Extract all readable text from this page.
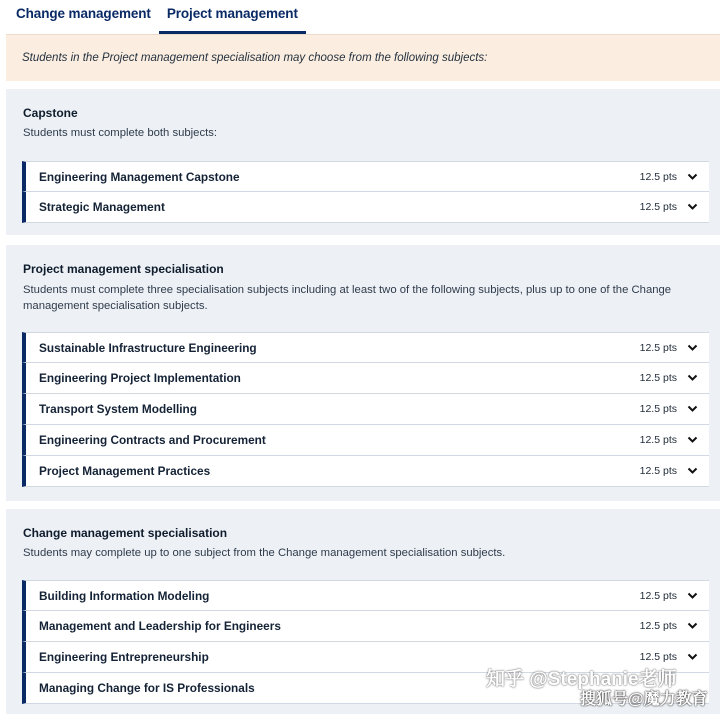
Change management	Project management
Students in the Project management specialisation may choose from the following subjects:
Capstone
Students must complete both subjects:
Engineering Management Capstone	12.5 pts
Strategic Management	12.5 pts
Project management specialisation
Students must complete three specialisation subjects including at least two of the following subjects, plus up to one of the Change management specialisation subjects.
Sustainable Infrastructure Engineering	12.5 pts
Engineering Project Implementation	12.5 pts
Transport System Modelling	12.5 pts
Engineering Contracts and Procurement	12.5 pts
Project Management Practices	12.5 pts
Change management specialisation
Students may complete up to one subject from the Change management specialisation subjects.
Building Information Modeling	12.5 pts
Management and Leadership for Engineers	12.5 pts
Engineering Entrepreneurship	12.5 pts
Managing Change for IS Professionals	知乎 @Stephanie老师
搜狐号@魔力教育
